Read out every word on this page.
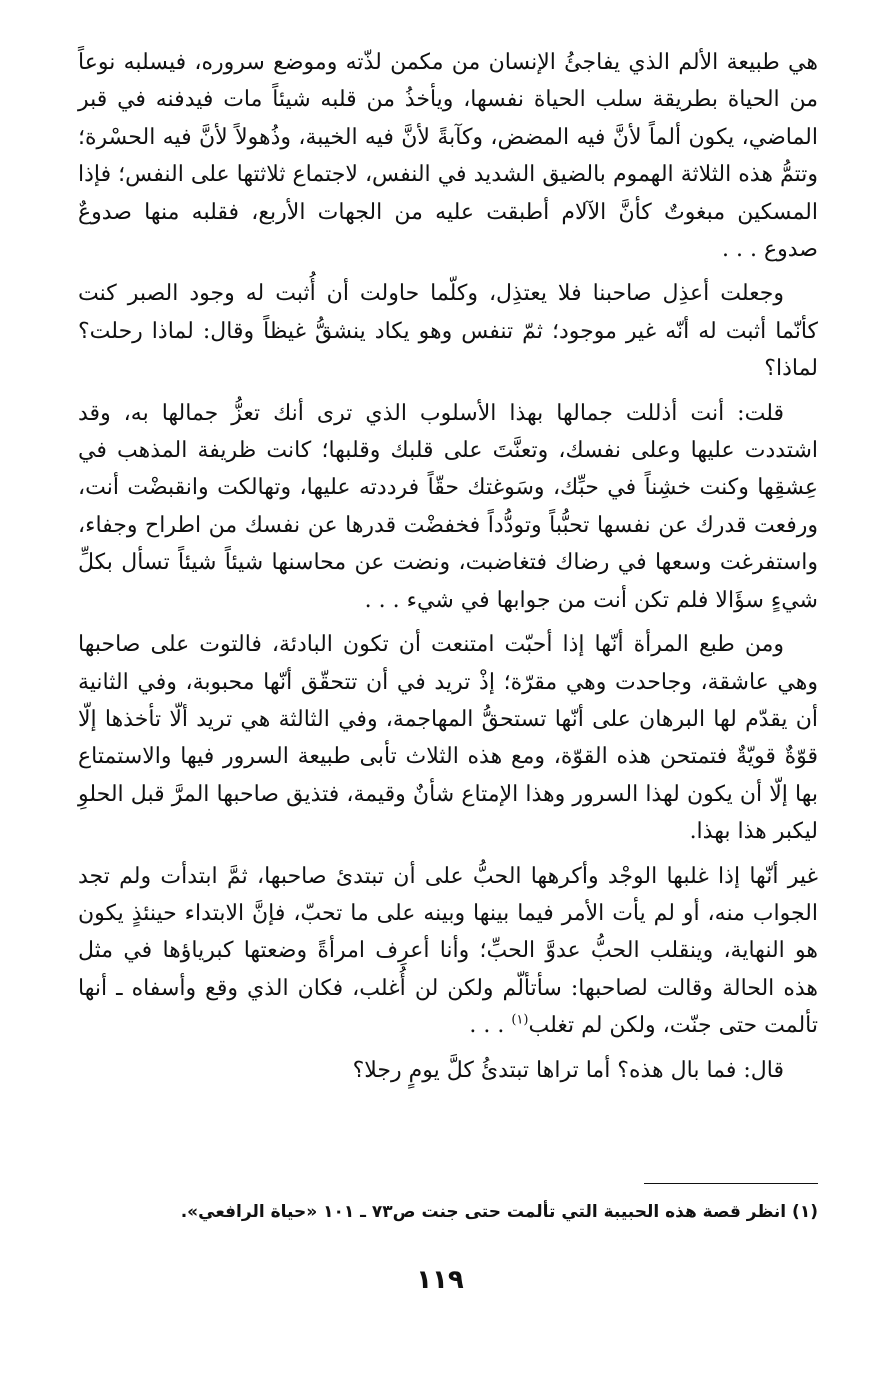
هي طبيعة الألم الذي يفاجئُ الإنسان من مكمن لذّته وموضع سروره، فيسلبه نوعاً من الحياة بطريقة سلب الحياة نفسها، ويأخذُ من قلبه شيئاً مات فيدفنه في قبر الماضي، يكون ألماً لأنَّ فيه المضض، وكآبةً لأنَّ فيه الخيبة، وذُهولاً لأنَّ فيه الحسْرة؛ وتتمُّ هذه الثلاثة الهموم بالضيق الشديد في النفس، لاجتماع ثلاثتها على النفس؛ فإذا المسكين مبغوتٌ كأنَّ الآلام أطبقت عليه من الجهات الأربع، فقلبه منها صدوعٌ صدوع . . .

وجعلت أعذِل صاحبنا فلا يعتذِل، وكلّما حاولت أن أُثبت له وجود الصبر كنت كأنّما أثبت له أنّه غير موجود؛ ثمّ تنفس وهو يكاد ينشقُّ غيظاً وقال: لماذا رحلت؟ لماذا؟

قلت: أنت أذللت جمالها بهذا الأسلوب الذي ترى أنك تعزُّ جمالها به، وقد اشتددت عليها وعلى نفسك، وتعنَّتَ على قلبك وقلبها؛ كانت ظريفة المذهب في عِشقِها وكنت خشِناً في حبِّك، وسَوغتك حقّاً فرددته عليها، وتهالكت وانقبضْت أنت، ورفعت قدرك عن نفسها تحبُّباً وتودُّداً فخفضْت قدرها عن نفسك من اطراح وجفاء، واستفرغت وسعها في رضاك فتغاضبت، ونضت عن محاسنها شيئاً شيئاً تسأل بكلِّ شيءٍ سؤَالا فلم تكن أنت من جوابها في شيء . . .

ومن طبع المرأة أنّها إذا أحبّت امتنعت أن تكون البادئة، فالتوت على صاحبها وهي عاشقة، وجاحدت وهي مقرّة؛ إذْ تريد في أن تتحقّق أنّها محبوبة، وفي الثانية أن يقدّم لها البرهان على أنّها تستحقُّ المهاجمة، وفي الثالثة هي تريد ألّا تأخذها إلّا قوّةٌ قويّةٌ فتمتحن هذه القوّة، ومع هذه الثلاث تأبى طبيعة السرور فيها والاستمتاع بها إلّا أن يكون لهذا السرور وهذا الإمتاع شأنٌ وقيمة، فتذيق صاحبها المرَّ قبل الحلوِ ليكبر هذا بهذا.

غير أنّها إذا غلبها الوجْد وأكرهها الحبُّ على أن تبتدئ صاحبها، ثمَّ ابتدأت ولم تجد الجواب منه، أو لم يأت الأمر فيما بينها وبينه على ما تحبّ، فإنَّ الابتداء حينئذٍ يكون هو النهاية، وينقلب الحبُّ عدوَّ الحبِّ؛ وأنا أعرِف امرأةً وضعتها كبرياؤها في مثل هذه الحالة وقالت لصاحبها: سأتألّم ولكن لن أُغلب، فكان الذي وقع وأسفاه ـ أنها تألمت حتى جنّت، ولكن لم تغلب$^{(١)}$ . . .

قال: فما بال هذه؟ أما تراها تبتدئُ كلَّ يومٍ رجلا؟

(١) انظر قصة هذه الحبيبة التي تألمت حتى جنت ص٧٣ ـ ١٠١ «حياة الرافعي».
١١٩
